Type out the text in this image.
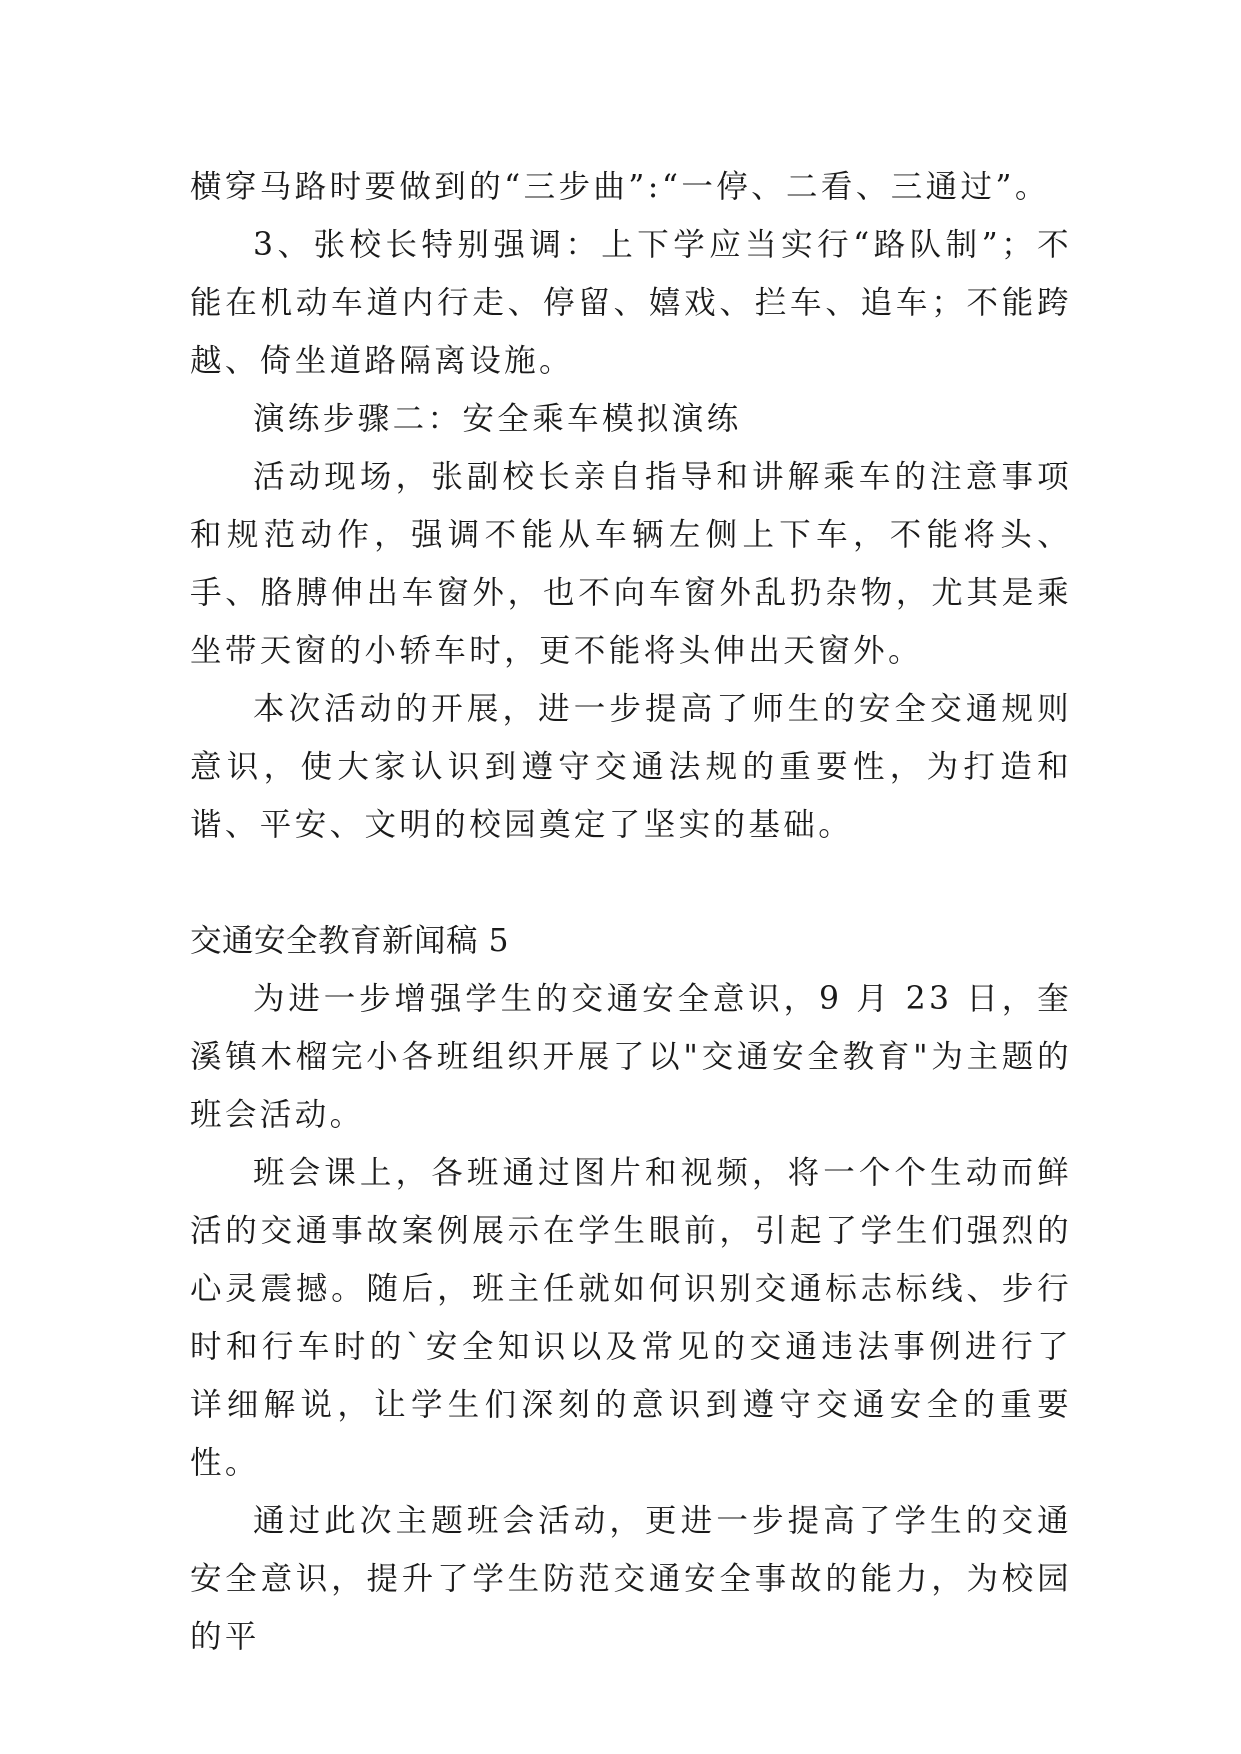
横穿马路时要做到的“三步曲”:“一停、二看、三通过”。

3、张校长特别强调：上下学应当实行“路队制”；不能在机动车道内行走、停留、嬉戏、拦车、追车；不能跨越、倚坐道路隔离设施。

演练步骤二：安全乘车模拟演练

活动现场，张副校长亲自指导和讲解乘车的注意事项和规范动作，强调不能从车辆左侧上下车，不能将头、手、胳膊伸出车窗外，也不向车窗外乱扔杂物，尤其是乘坐带天窗的小轿车时，更不能将头伸出天窗外。

本次活动的开展，进一步提高了师生的安全交通规则意识，使大家认识到遵守交通法规的重要性，为打造和谐、平安、文明的校园奠定了坚实的基础。

交通安全教育新闻稿 5

为进一步增强学生的交通安全意识，9 月 23 日，奎溪镇木榴完小各班组织开展了以"交通安全教育"为主题的班会活动。

班会课上，各班通过图片和视频，将一个个生动而鲜活的交通事故案例展示在学生眼前，引起了学生们强烈的心灵震撼。随后，班主任就如何识别交通标志标线、步行时和行车时的`安全知识以及常见的交通违法事例进行了详细解说，让学生们深刻的意识到遵守交通安全的重要性。

通过此次主题班会活动，更进一步提高了学生的交通安全意识，提升了学生防范交通安全事故的能力，为校园的平
